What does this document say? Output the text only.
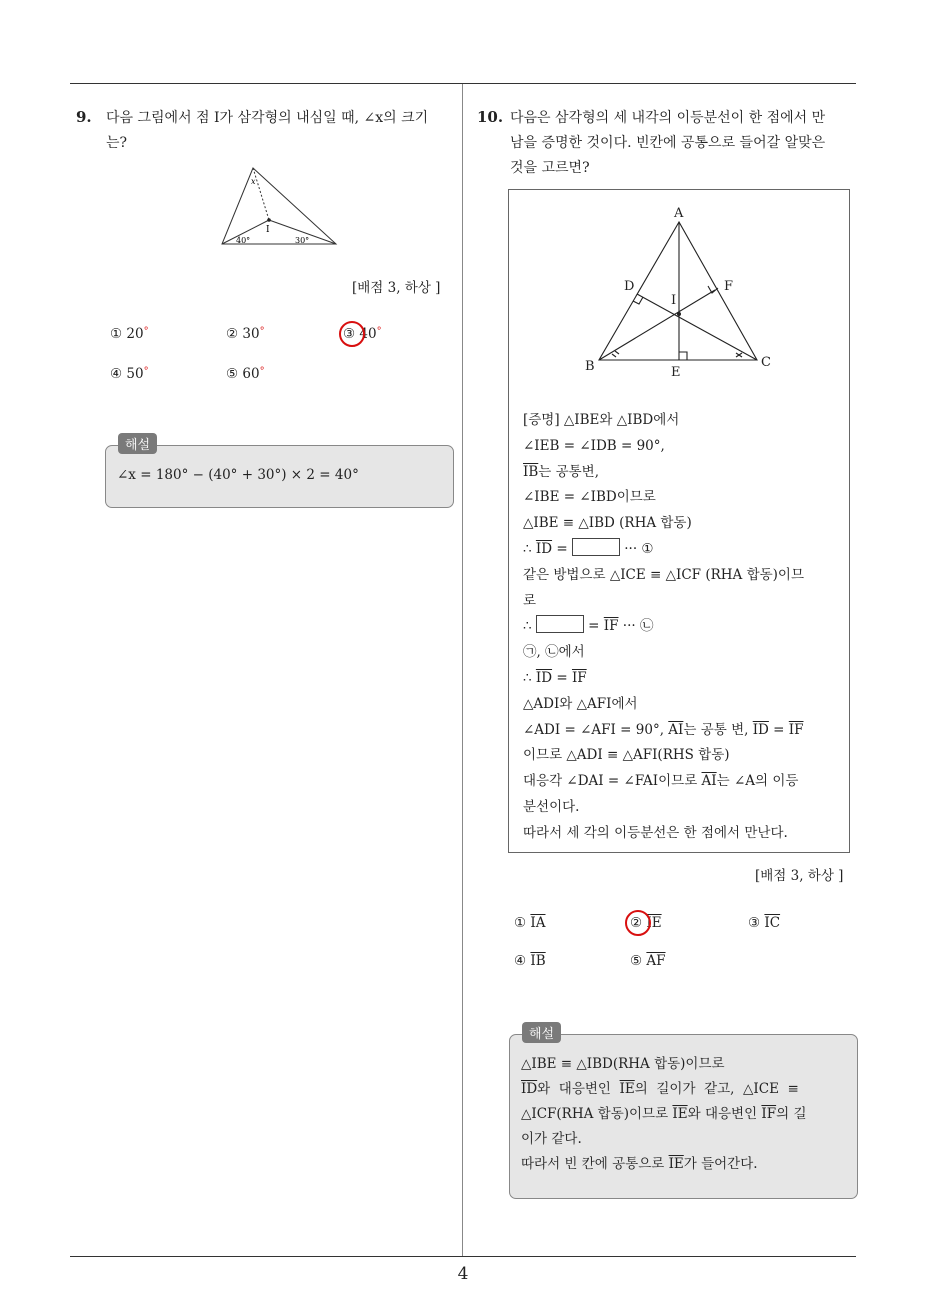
9. 다음 그림에서 점 I가 삼각형의 내심일 때, ∠x의 크기
는?
x
I
40°	30°
[배점 3, 하상 ]
① 20°	② 30°	③ 40°
④ 50°	⑤ 60°
해설
∠x = 180° − (40° + 30°) × 2 = 40°
10. 다음은 삼각형의 세 내각의 이등분선이 한 점에서 만
남을 증명한 것이다. 빈칸에 공통으로 들어갈 알맞은
것을 고르면?
A
B	C
D
E
F
I
[증명] △IBE와 △IBD에서
∠IEB = ∠IDB = 90°,
$\overline{IB}$는 공통변,
∠IBE = ∠IBD이므로
△IBE ≡ △IBD (RHA 합동)
∴ $\overline{ID}$ =	··· ①
같은 방법으로 △ICE ≡ △ICF (RHA 합동)이므
로
∴	= $\overline{IF}$ ··· ㉡
㉠, ㉡에서
∴ $\overline{ID} = \overline{IF}$
△ADI와 △AFI에서
∠ADI = ∠AFI = 90°, $\overline{AI}$는 공통 변, $\overline{ID} = \overline{IF}$
이므로 △ADI ≡ △AFI(RHS 합동)
대응각 ∠DAI = ∠FAI이므로 $\overline{AI}$는 ∠A의 이등
분선이다.
따라서 세 각의 이등분선은 한 점에서 만난다.
[배점 3, 하상 ]
① $\overline{IA}$	② $\overline{IE}$	③ $\overline{IC}$
④ $\overline{IB}$	⑤ $\overline{AF}$
해설
△IBE ≡ △IBD(RHA 합동)이므로
$\overline{ID}$와  대응변인  $\overline{IE}$의  길이가  같고,  △ICE  ≡
△ICF(RHA 합동)이므로 $\overline{IE}$와 대응변인 $\overline{IF}$의 길
이가 같다.
따라서 빈 칸에 공통으로 $\overline{IE}$가 들어간다.
4
